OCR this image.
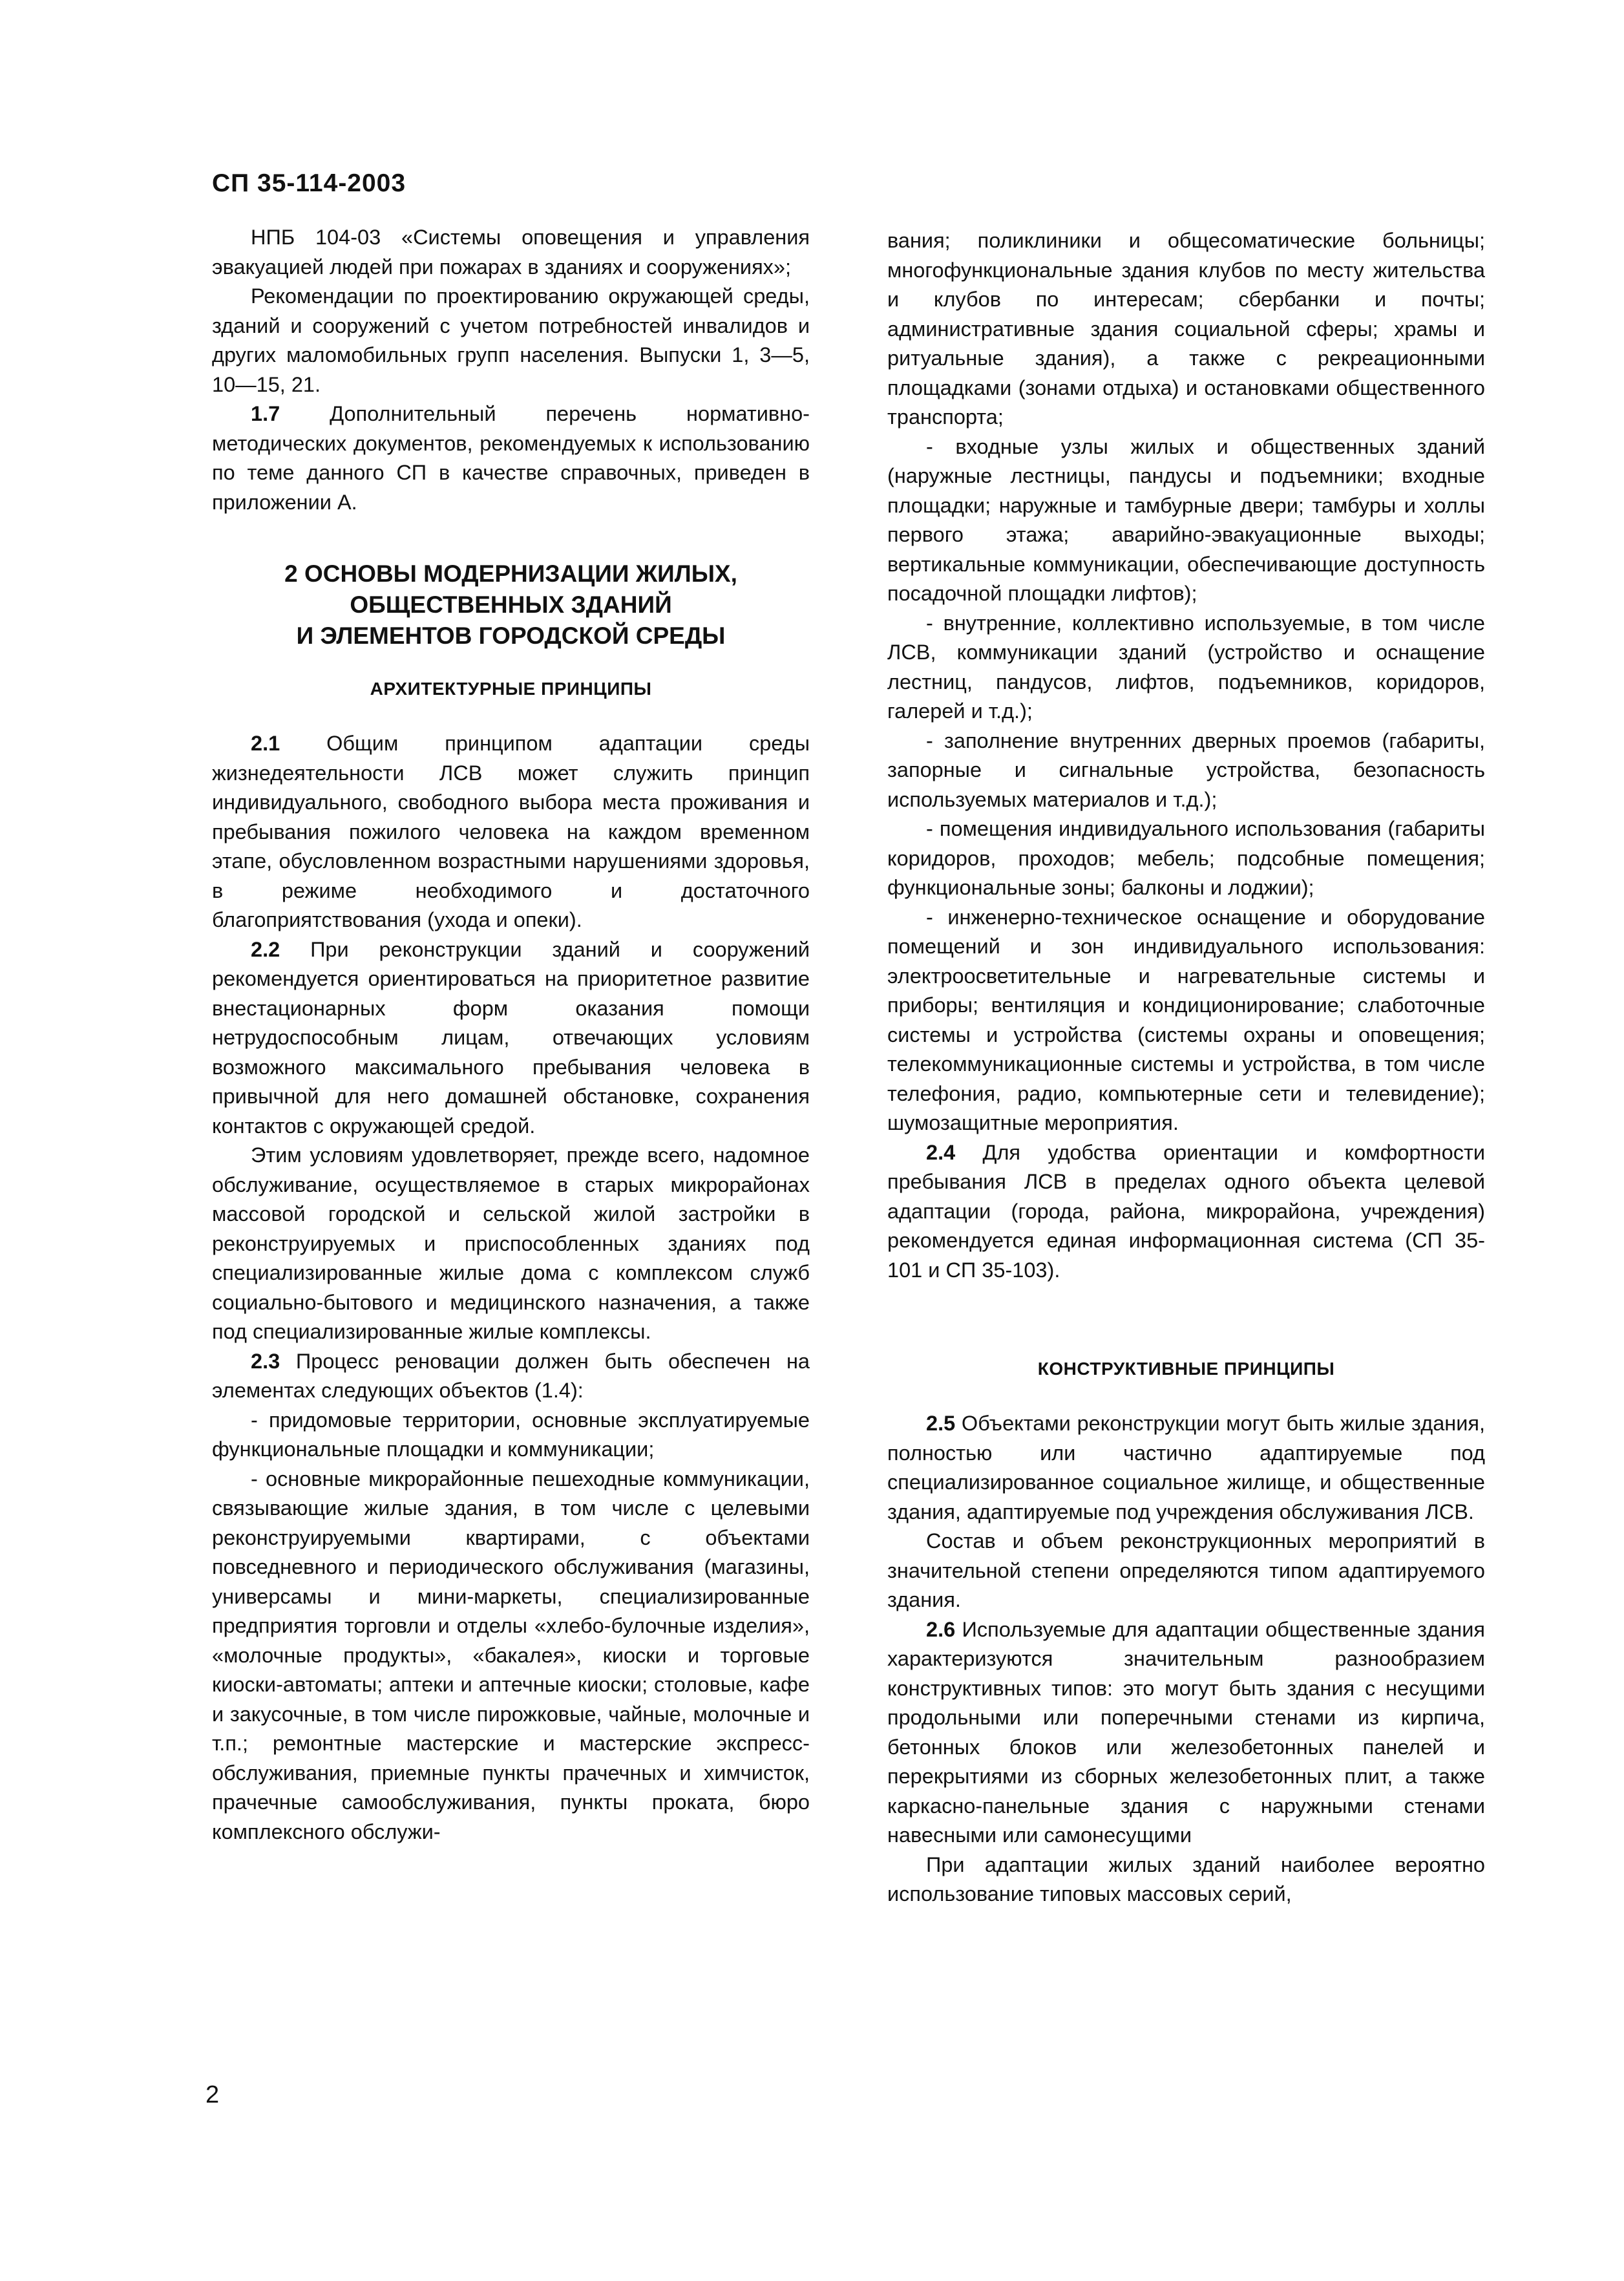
СП 35-114-2003

НПБ 104-03 «Системы оповещения и управления эвакуацией людей при пожарах в зданиях и сооружениях»;

Рекомендации по проектированию окружающей среды, зданий и сооружений с учетом потребностей инвалидов и других маломобильных групп населения. Выпуски 1, 3—5, 10—15, 21.

1.7 Дополнительный перечень нормативно-методических документов, рекомендуемых к использованию по теме данного СП в качестве справочных, приведен в приложении А.

2 ОСНОВЫ МОДЕРНИЗАЦИИ ЖИЛЫХ,
ОБЩЕСТВЕННЫХ ЗДАНИЙ
И ЭЛЕМЕНТОВ ГОРОДСКОЙ СРЕДЫ
АРХИТЕКТУРНЫЕ ПРИНЦИПЫ

2.1 Общим принципом адаптации среды жизнедеятельности ЛСВ может служить принцип индивидуального, свободного выбора места проживания и пребывания пожилого человека на каждом временном этапе, обусловленном возрастными нарушениями здоровья, в режиме необходимого и достаточного благоприятствования (ухода и опеки).

2.2 При реконструкции зданий и сооружений рекомендуется ориентироваться на приоритетное развитие внестационарных форм оказания помощи нетрудоспособным лицам, отвечающих условиям возможного максимального пребывания человека в привычной для него домашней обстановке, сохранения контактов с окружающей средой.

Этим условиям удовлетворяет, прежде всего, надомное обслуживание, осуществляемое в старых микрорайонах массовой городской и сельской жилой застройки в реконструируемых и приспособленных зданиях под специализированные жилые дома с комплексом служб социально-бытового и медицинского назначения, а также под специализированные жилые комплексы.

2.3 Процесс реновации должен быть обеспечен на элементах следующих объектов (1.4):

- придомовые территории, основные эксплуатируемые функциональные площадки и коммуникации;

- основные микрорайонные пешеходные коммуникации, связывающие жилые здания, в том числе с целевыми реконструируемыми квартирами, с объектами повседневного и периодического обслуживания (магазины, универсамы и мини-маркеты, специализированные предприятия торговли и отделы «хлебо-булочные изделия», «молочные продукты», «бакалея», киоски и торговые киоски-автоматы; аптеки и аптечные киоски; столовые, кафе и закусочные, в том числе пирожковые, чайные, молочные и т.п.; ремонтные мастерские и мастерские экспресс-обслуживания, приемные пункты прачечных и химчисток, прачечные самообслуживания, пункты проката, бюро комплексного обслужи-

вания; поликлиники и общесоматические больницы; многофункциональные здания клубов по месту жительства и клубов по интересам; сбербанки и почты; административные здания социальной сферы; храмы и ритуальные здания), а также с рекреационными площадками (зонами отдыха) и остановками общественного транспорта;

- входные узлы жилых и общественных зданий (наружные лестницы, пандусы и подъемники; входные площадки; наружные и тамбурные двери; тамбуры и холлы первого этажа; аварийно-эвакуационные выходы; вертикальные коммуникации, обеспечивающие доступность посадочной площадки лифтов);

- внутренние, коллективно используемые, в том числе ЛСВ, коммуникации зданий (устройство и оснащение лестниц, пандусов, лифтов, подъемников, коридоров, галерей и т.д.);

- заполнение внутренних дверных проемов (габариты, запорные и сигнальные устройства, безопасность используемых материалов и т.д.);

- помещения индивидуального использования (габариты коридоров, проходов; мебель; подсобные помещения; функциональные зоны; балконы и лоджии);

- инженерно-техническое оснащение и оборудование помещений и зон индивидуального использования: электроосветительные и нагревательные системы и приборы; вентиляция и кондиционирование; слаботочные системы и устройства (системы охраны и оповещения; телекоммуникационные системы и устройства, в том числе телефония, радио, компьютерные сети и телевидение); шумозащитные мероприятия.

2.4 Для удобства ориентации и комфортности пребывания ЛСВ в пределах одного объекта целевой адаптации (города, района, микрорайона, учреждения) рекомендуется единая информационная система (СП 35-101 и СП 35-103).

КОНСТРУКТИВНЫЕ ПРИНЦИПЫ

2.5 Объектами реконструкции могут быть жилые здания, полностью или частично адаптируемые под специализированное социальное жилище, и общественные здания, адаптируемые под учреждения обслуживания ЛСВ.

Состав и объем реконструкционных мероприятий в значительной степени определяются типом адаптируемого здания.

2.6 Используемые для адаптации общественные здания характеризуются значительным разнообразием конструктивных типов: это могут быть здания с несущими продольными или поперечными стенами из кирпича, бетонных блоков или железобетонных панелей и перекрытиями из сборных железобетонных плит, а также каркасно-панельные здания с наружными стенами навесными или самонесущими

При адаптации жилых зданий наиболее вероятно использование типовых массовых серий,

2
